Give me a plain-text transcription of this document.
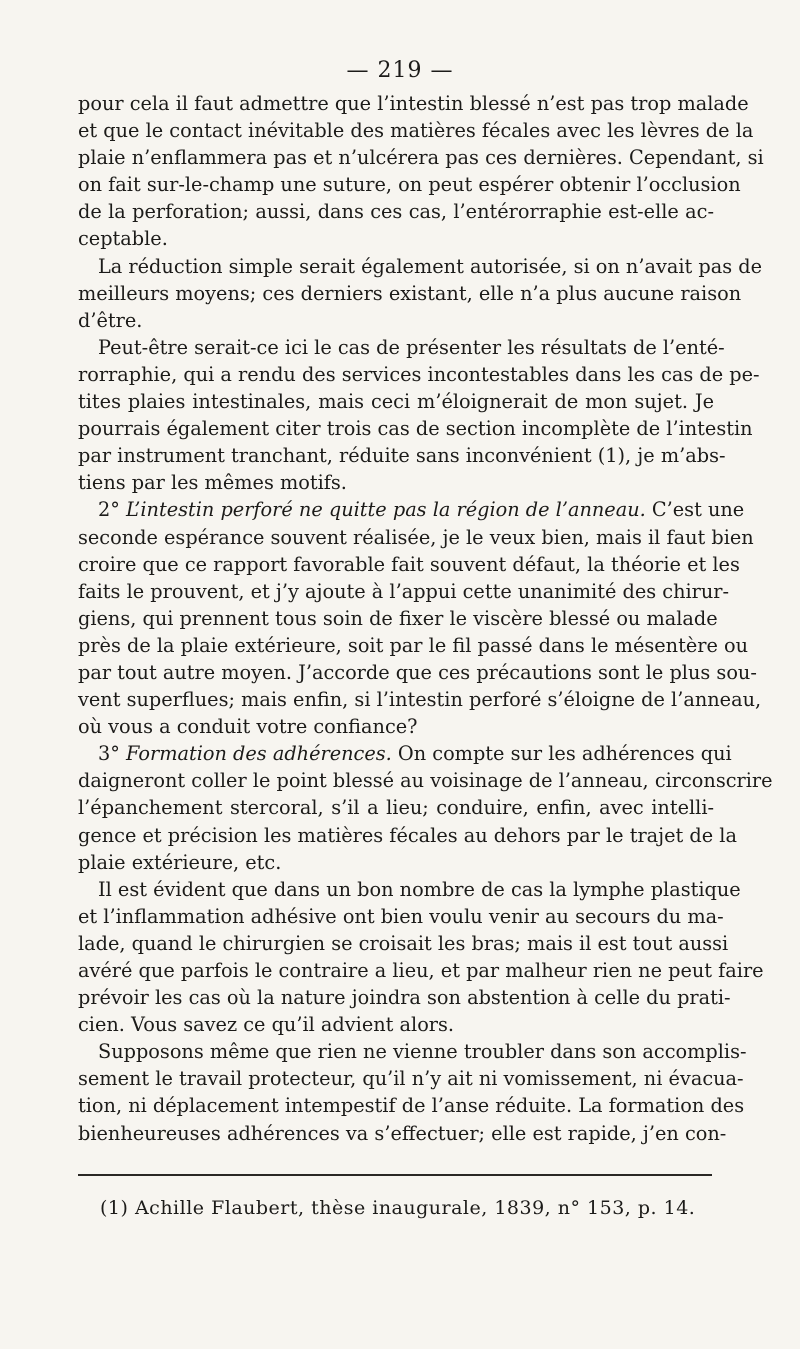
— 219 —
pour cela il faut admettre que l’intestin blessé n’est pas trop malade
et que le contact inévitable des matières fécales avec les lèvres de la
plaie n’enflammera pas et n’ulcérera pas ces dernières. Cependant, si
on fait sur-le-champ une suture, on peut espérer obtenir l’occlusion
de la perforation; aussi, dans ces cas, l’entérorraphie est-elle ac-
ceptable.
La réduction simple serait également autorisée, si on n’avait pas de
meilleurs moyens; ces derniers existant, elle n’a plus aucune raison
d’être.
Peut-être serait-ce ici le cas de présenter les résultats de l’enté-
rorraphie, qui a rendu des services incontestables dans les cas de pe-
tites plaies intestinales, mais ceci m’éloignerait de mon sujet. Je
pourrais également citer trois cas de section incomplète de l’intestin
par instrument tranchant, réduite sans inconvénient (1), je m’abs-
tiens par les mêmes motifs.
2° L’intestin perforé ne quitte pas la région de l’anneau. C’est une
seconde espérance souvent réalisée, je le veux bien, mais il faut bien
croire que ce rapport favorable fait souvent défaut, la théorie et les
faits le prouvent, et j’y ajoute à l’appui cette unanimité des chirur-
giens, qui prennent tous soin de fixer le viscère blessé ou malade
près de la plaie extérieure, soit par le fil passé dans le mésentère ou
par tout autre moyen. J’accorde que ces précautions sont le plus sou-
vent superflues; mais enfin, si l’intestin perforé s’éloigne de l’anneau,
où vous a conduit votre confiance?
3° Formation des adhérences. On compte sur les adhérences qui
daigneront coller le point blessé au voisinage de l’anneau, circonscrire
l’épanchement stercoral, s’il a lieu; conduire, enfin, avec intelli-
gence et précision les matières fécales au dehors par le trajet de la
plaie extérieure, etc.
Il est évident que dans un bon nombre de cas la lymphe plastique
et l’inflammation adhésive ont bien voulu venir au secours du ma-
lade, quand le chirurgien se croisait les bras; mais il est tout aussi
avéré que parfois le contraire a lieu, et par malheur rien ne peut faire
prévoir les cas où la nature joindra son abstention à celle du prati-
cien. Vous savez ce qu’il advient alors.
Supposons même que rien ne vienne troubler dans son accomplis-
sement le travail protecteur, qu’il n’y ait ni vomissement, ni évacua-
tion, ni déplacement intempestif de l’anse réduite. La formation des
bienheureuses adhérences va s’effectuer; elle est rapide, j’en con-
(1) Achille Flaubert, thèse inaugurale, 1839, n° 153, p. 14.
